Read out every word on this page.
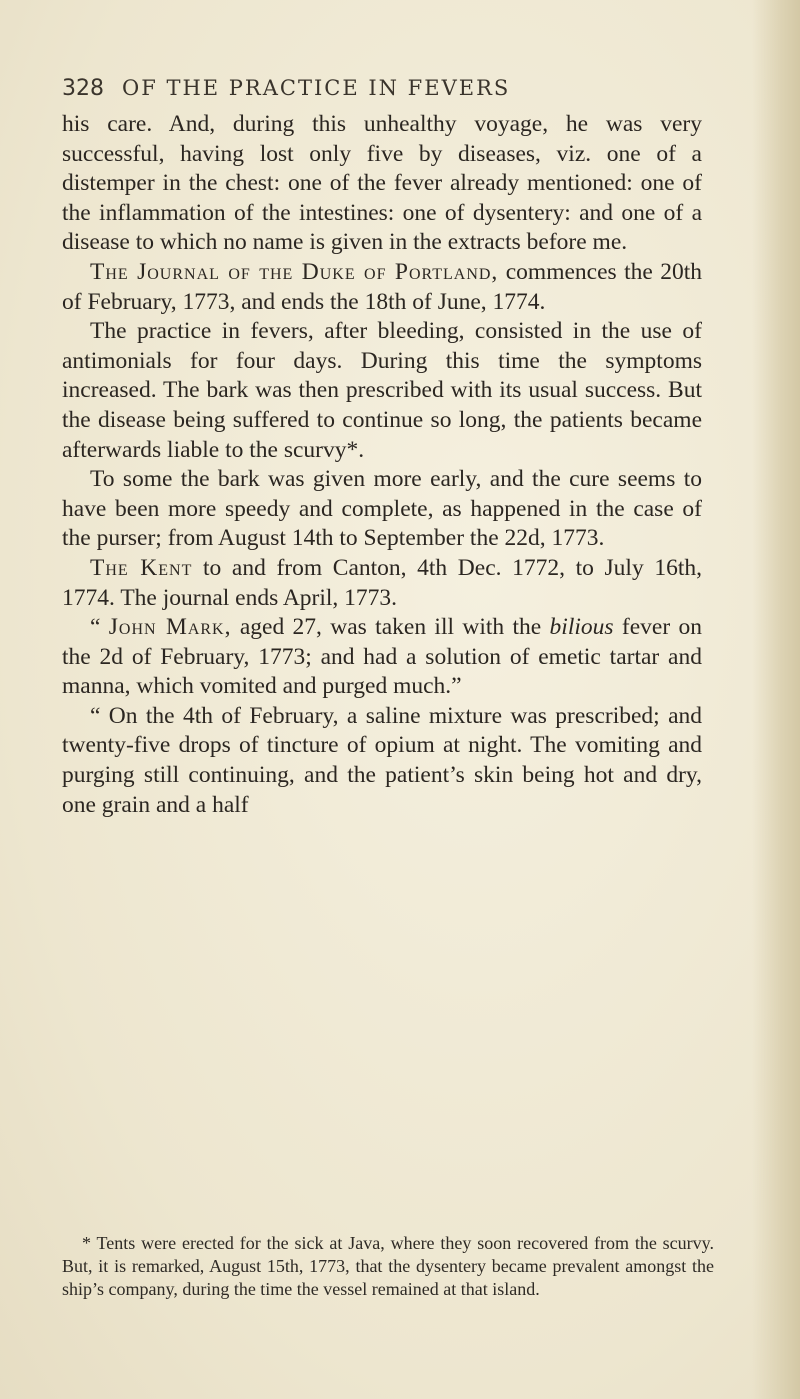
328 OF THE PRACTICE IN FEVERS

his care. And, during this unhealthy voyage, he was very successful, having lost only five by diseases, viz. one of a distemper in the chest: one of the fever already mentioned: one of the inflammation of the intestines: one of dysentery: and one of a disease to which no name is given in the extracts before me.

The Journal of the Duke of Portland, commences the 20th of February, 1773, and ends the 18th of June, 1774.

The practice in fevers, after bleeding, consisted in the use of antimonials for four days. During this time the symptoms increased. The bark was then prescribed with its usual success. But the disease being suffered to continue so long, the patients became afterwards liable to the scurvy*.

To some the bark was given more early, and the cure seems to have been more speedy and complete, as happened in the case of the purser; from August 14th to September the 22d, 1773.

The Kent to and from Canton, 4th Dec. 1772, to July 16th, 1774. The journal ends April, 1773.

“ John Mark, aged 27, was taken ill with the bilious fever on the 2d of February, 1773; and had a solution of emetic tartar and manna, which vomited and purged much.”

“ On the 4th of February, a saline mixture was prescribed; and twenty-five drops of tincture of opium at night. The vomiting and purging still continuing, and the patient’s skin being hot and dry, one grain and a half

* Tents were erected for the sick at Java, where they soon recovered from the scurvy. But, it is remarked, August 15th, 1773, that the dysentery became prevalent amongst the ship’s company, during the time the vessel remained at that island.
